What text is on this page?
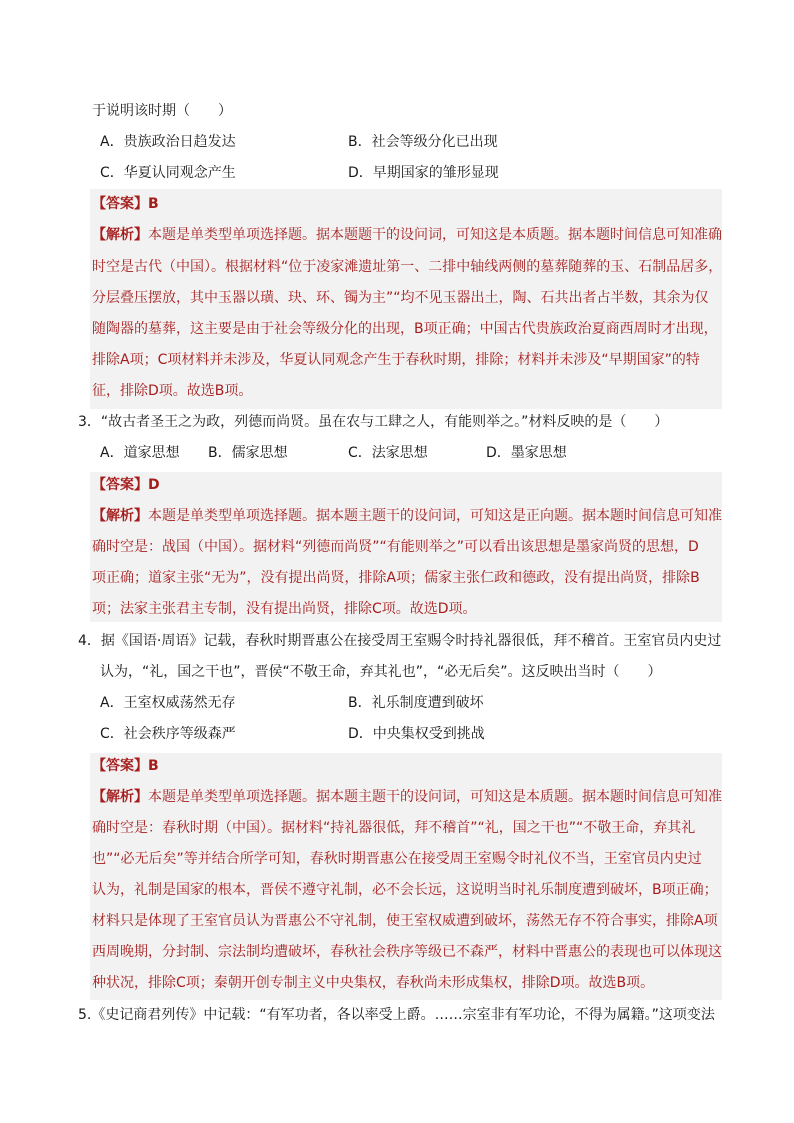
于说明该时期（　　）
A．贵族政治日趋发达	B．社会等级分化已出现
C．华夏认同观念产生	D．早期国家的雏形显现
【答案】B
【解析】本题是单类型单项选择题。据本题题干的设问词，可知这是本质题。据本题时间信息可知准确
时空是古代（中国）。根据材料“位于凌家滩遗址第一、二排中轴线两侧的墓葬随葬的玉、石制品居多，
分层叠压摆放，其中玉器以璜、玦、环、镯为主”“均不见玉器出土，陶、石共出者占半数，其余为仅
随陶器的墓葬，这主要是由于社会等级分化的出现，B项正确；中国古代贵族政治夏商西周时才出现，
排除A项；C项材料并未涉及，华夏认同观念产生于春秋时期，排除；材料并未涉及“早期国家”的特
征，排除D项。故选B项。
3．“故古者圣王之为政，列德而尚贤。虽在农与工肆之人，有能则举之。”材料反映的是（　　）
A．道家思想 B．儒家思想	C．法家思想	D．墨家思想
【答案】D
【解析】本题是单类型单项选择题。据本题主题干的设问词，可知这是正向题。据本题时间信息可知准
确时空是：战国（中国）。据材料“列德而尚贤”“有能则举之”可以看出该思想是墨家尚贤的思想，D
项正确；道家主张“无为”，没有提出尚贤，排除A项；儒家主张仁政和德政，没有提出尚贤，排除B
项；法家主张君主专制，没有提出尚贤，排除C项。故选D项。
4．据《国语·周语》记载，春秋时期晋惠公在接受周王室赐令时持礼器很低，拜不稽首。王室官员内史过
认为，“礼，国之干也”，晋侯“不敬王命，弃其礼也”，“必无后矣”。这反映出当时（　　）
A．王室权威荡然无存	B．礼乐制度遭到破坏
C．社会秩序等级森严	D．中央集权受到挑战
【答案】B
【解析】本题是单类型单项选择题。据本题主题干的设问词，可知这是本质题。据本题时间信息可知准
确时空是：春秋时期（中国）。据材料“持礼器很低，拜不稽首”“礼，国之干也”“不敬王命，弃其礼
也”“必无后矣”等并结合所学可知，春秋时期晋惠公在接受周王室赐令时礼仪不当，王室官员内史过
认为，礼制是国家的根本，晋侯不遵守礼制，必不会长远，这说明当时礼乐制度遭到破坏，B项正确；
材料只是体现了王室官员认为晋惠公不守礼制，使王室权威遭到破坏，荡然无存不符合事实，排除A项
西周晚期，分封制、宗法制均遭破坏，春秋社会秩序等级已不森严，材料中晋惠公的表现也可以体现这
种状况，排除C项；秦朝开创专制主义中央集权，春秋尚未形成集权，排除D项。故选B项。
5.《史记商君列传》中记载：“有军功者，各以率受上爵。……宗室非有军功论，不得为属籍。”这项变法
